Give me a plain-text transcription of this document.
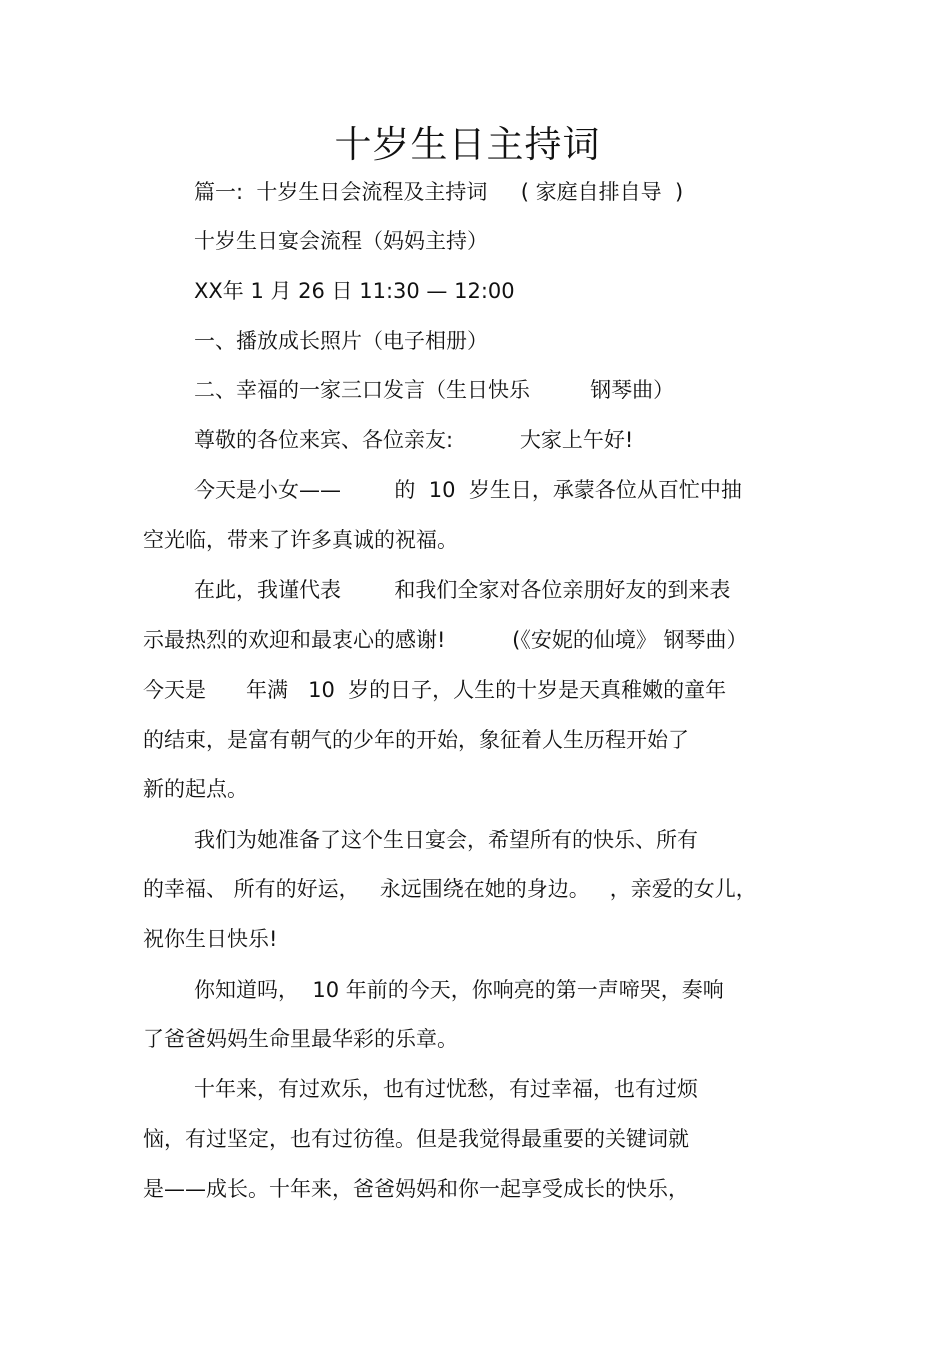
十岁生日主持词
篇一:  十岁生日会流程及主持词     ( 家庭自排自导  )
十岁生日宴会流程（妈妈主持）
XX年 1 月 26 日 11:30 — 12:00
一、播放成长照片（电子相册）
二、幸福的一家三口发言（生日快乐         钢琴曲）
尊敬的各位来宾、各位亲友:          大家上午好!
今天是小女——        的  10  岁生日，承蒙各位从百忙中抽
空光临，带来了许多真诚的祝福。
在此，我谨代表        和我们全家对各位亲朋好友的到来表
示最热烈的欢迎和最衷心的感谢!          (《安妮的仙境》 钢琴曲）
今天是      年满   10  岁的日子，人生的十岁是天真稚嫩的童年
的结束，是富有朝气的少年的开始，象征着人生历程开始了
新的起点。
我们为她准备了这个生日宴会，希望所有的快乐、所有
的幸福、 所有的好运，   永远围绕在她的身边。   ，亲爱的女儿，
祝你生日快乐!
你知道吗，  10 年前的今天，你响亮的第一声啼哭，奏响
了爸爸妈妈生命里最华彩的乐章。
十年来，有过欢乐，也有过忧愁，有过幸福，也有过烦
恼，有过坚定，也有过彷徨。但是我觉得最重要的关键词就
是——成长。十年来，爸爸妈妈和你一起享受成长的快乐，
